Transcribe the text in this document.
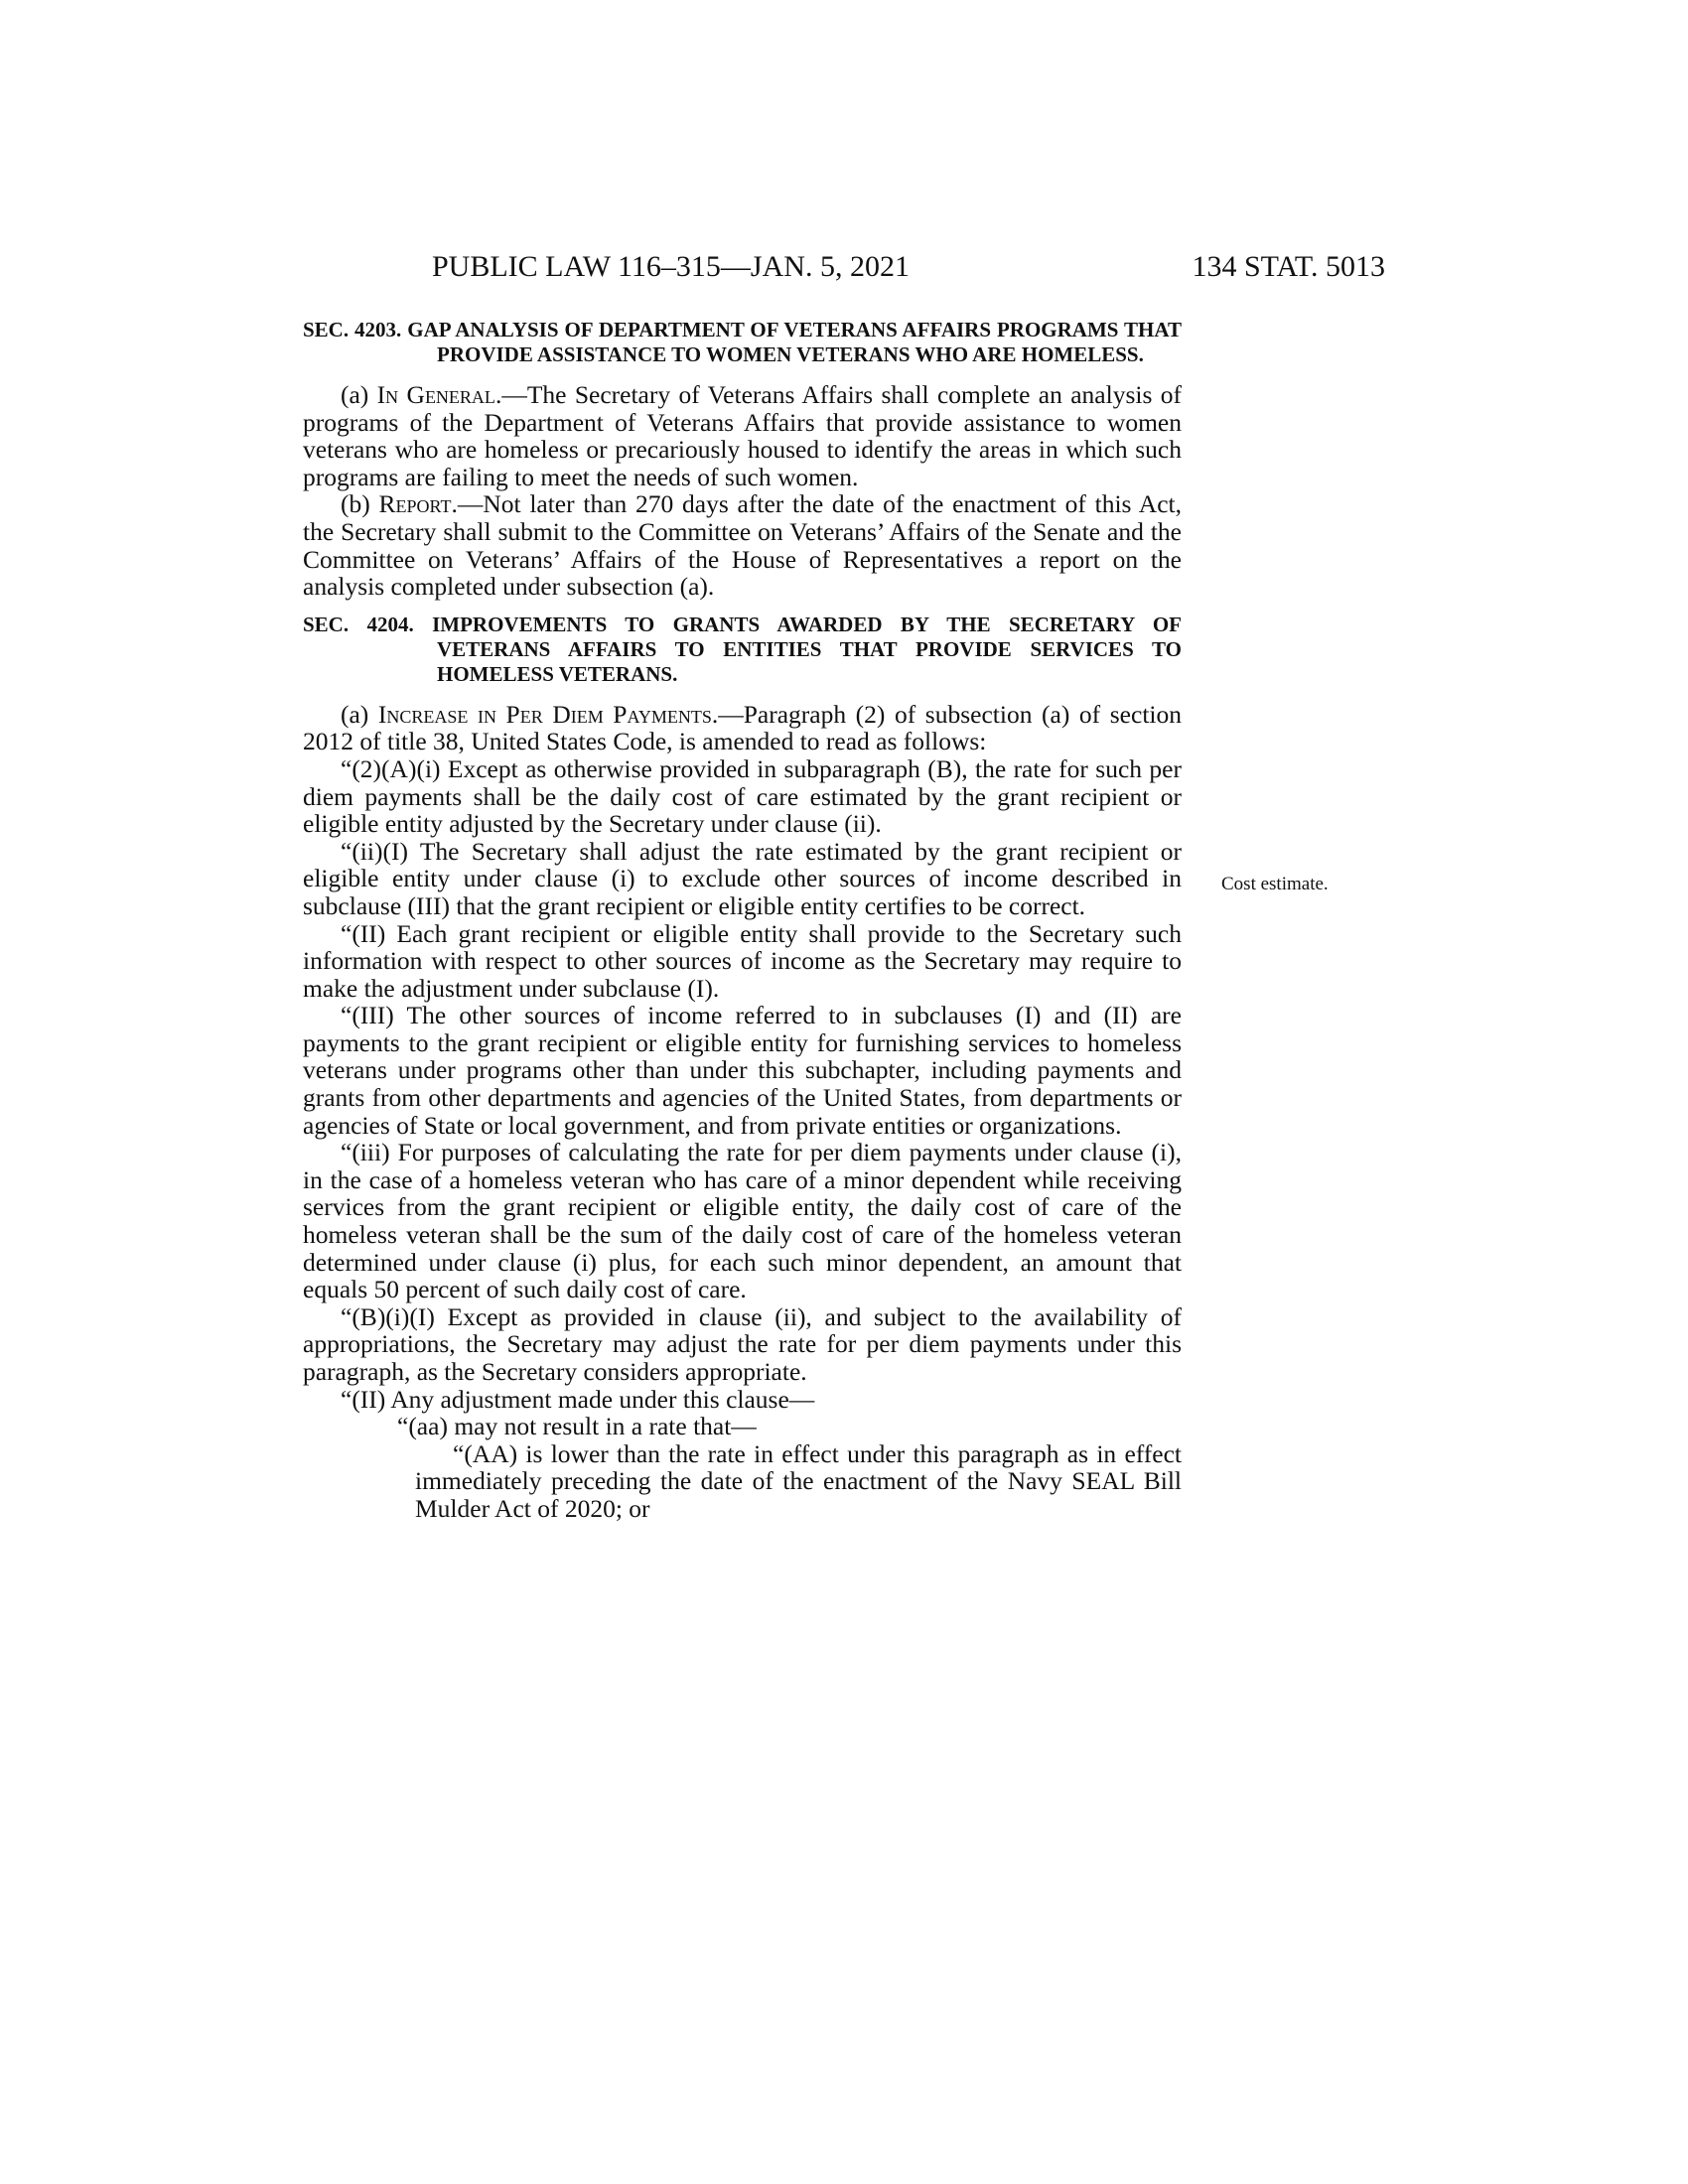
PUBLIC LAW 116–315—JAN. 5, 2021	134 STAT. 5013
Cost estimate.
SEC. 4203. GAP ANALYSIS OF DEPARTMENT OF VETERANS AFFAIRS PROGRAMS THAT PROVIDE ASSISTANCE TO WOMEN VETERANS WHO ARE HOMELESS.

(a) In General.—The Secretary of Veterans Affairs shall complete an analysis of programs of the Department of Veterans Affairs that provide assistance to women veterans who are homeless or precariously housed to identify the areas in which such programs are failing to meet the needs of such women.

(b) Report.—Not later than 270 days after the date of the enactment of this Act, the Secretary shall submit to the Committee on Veterans’ Affairs of the Senate and the Committee on Veterans’ Affairs of the House of Representatives a report on the analysis completed under subsection (a).

SEC. 4204. IMPROVEMENTS TO GRANTS AWARDED BY THE SECRETARY OF VETERANS AFFAIRS TO ENTITIES THAT PROVIDE SERVICES TO HOMELESS VETERANS.

(a) Increase in Per Diem Payments.—Paragraph (2) of subsection (a) of section 2012 of title 38, United States Code, is amended to read as follows:

“(2)(A)(i) Except as otherwise provided in subparagraph (B), the rate for such per diem payments shall be the daily cost of care estimated by the grant recipient or eligible entity adjusted by the Secretary under clause (ii).

“(ii)(I) The Secretary shall adjust the rate estimated by the grant recipient or eligible entity under clause (i) to exclude other sources of income described in subclause (III) that the grant recipient or eligible entity certifies to be correct.

“(II) Each grant recipient or eligible entity shall provide to the Secretary such information with respect to other sources of income as the Secretary may require to make the adjustment under subclause (I).

“(III) The other sources of income referred to in subclauses (I) and (II) are payments to the grant recipient or eligible entity for furnishing services to homeless veterans under programs other than under this subchapter, including payments and grants from other departments and agencies of the United States, from departments or agencies of State or local government, and from private entities or organizations.

“(iii) For purposes of calculating the rate for per diem payments under clause (i), in the case of a homeless veteran who has care of a minor dependent while receiving services from the grant recipient or eligible entity, the daily cost of care of the homeless veteran shall be the sum of the daily cost of care of the homeless veteran determined under clause (i) plus, for each such minor dependent, an amount that equals 50 percent of such daily cost of care.

“(B)(i)(I) Except as provided in clause (ii), and subject to the availability of appropriations, the Secretary may adjust the rate for per diem payments under this paragraph, as the Secretary considers appropriate.

“(II) Any adjustment made under this clause—

“(aa) may not result in a rate that—

“(AA) is lower than the rate in effect under this paragraph as in effect immediately preceding the date of the enactment of the Navy SEAL Bill Mulder Act of 2020; or
